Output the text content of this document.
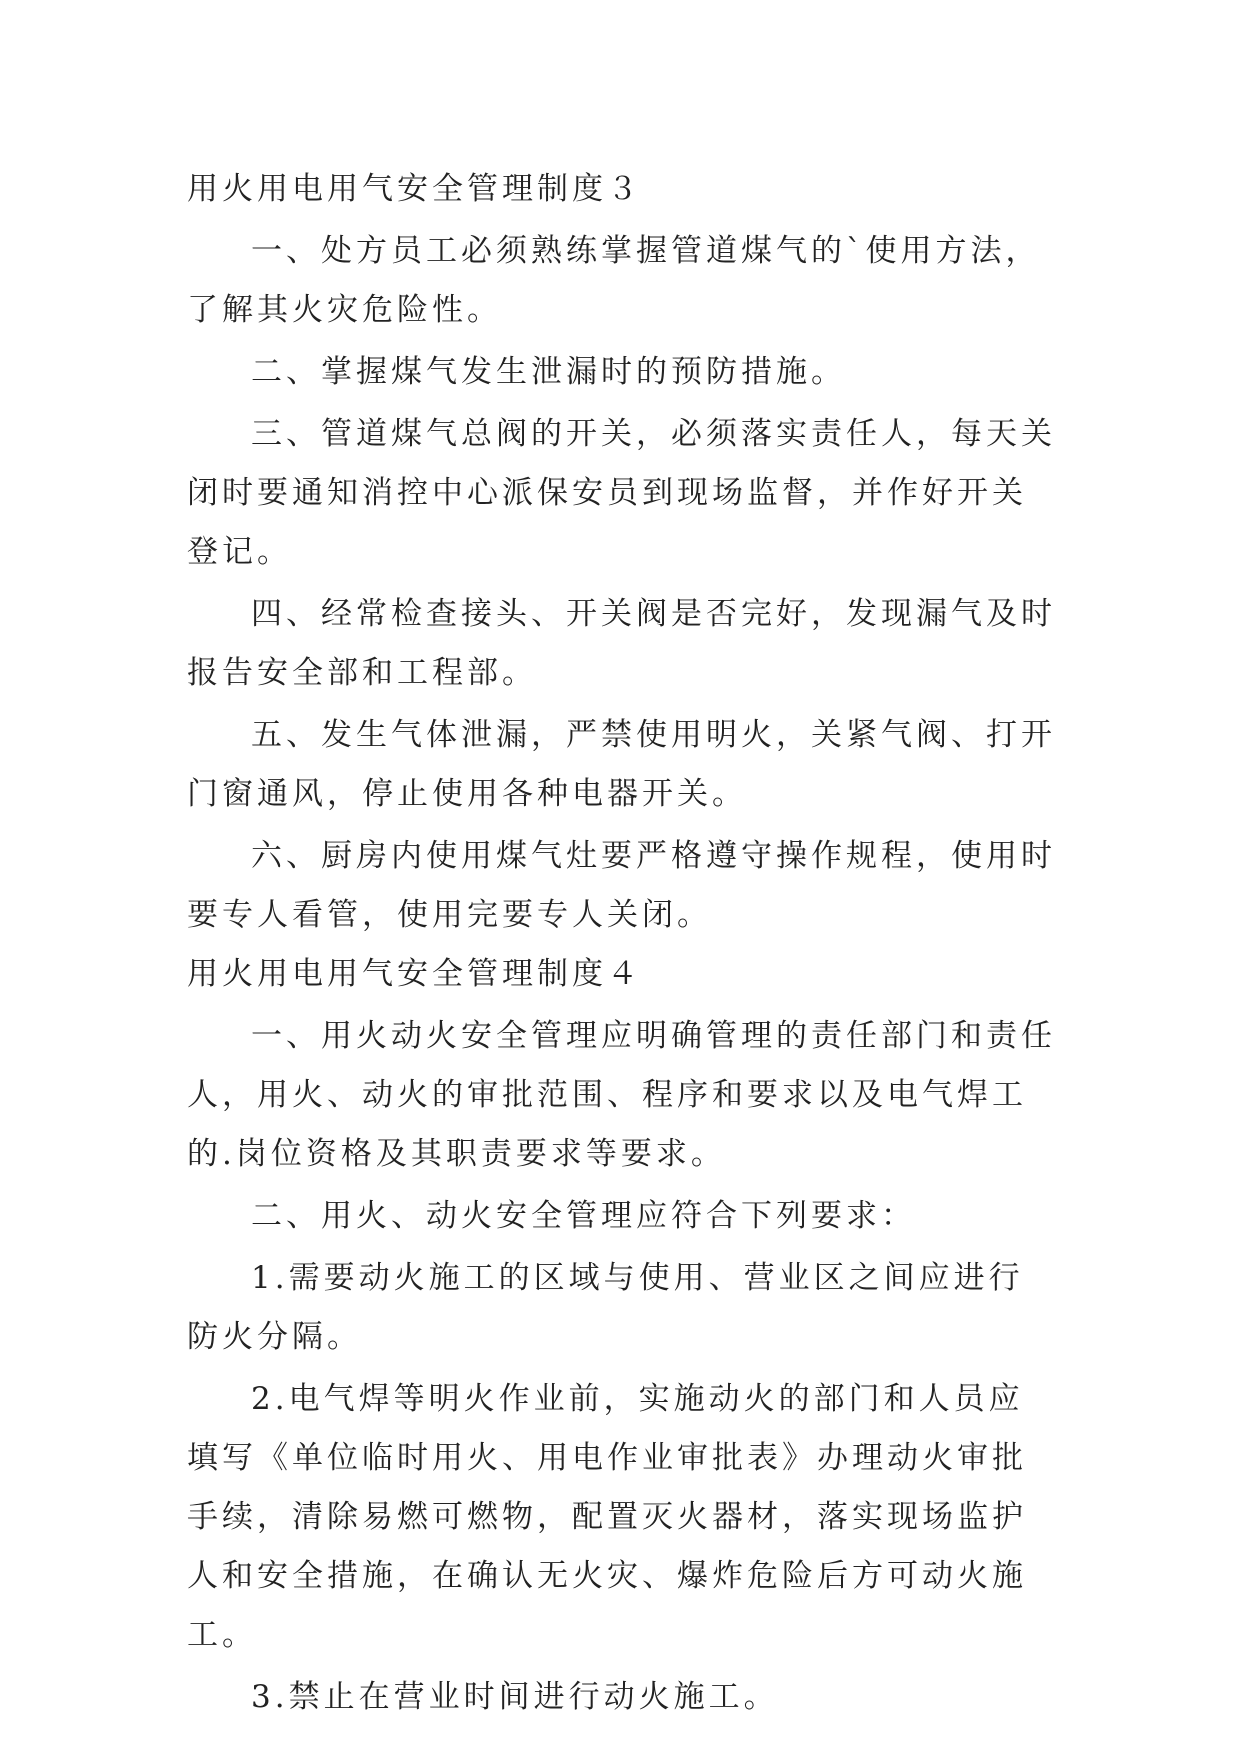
用火用电用气安全管理制度３

一、处方员工必须熟练掌握管道煤气的`使用方法，了解其火灾危险性。

二、掌握煤气发生泄漏时的预防措施。

三、管道煤气总阀的开关，必须落实责任人，每天关闭时要通知消控中心派保安员到现场监督，并作好开关登记。

四、经常检查接头、开关阀是否完好，发现漏气及时报告安全部和工程部。

五、发生气体泄漏，严禁使用明火，关紧气阀、打开门窗通风，停止使用各种电器开关。

六、厨房内使用煤气灶要严格遵守操作规程，使用时要专人看管，使用完要专人关闭。

用火用电用气安全管理制度４

一、用火动火安全管理应明确管理的责任部门和责任人，用火、动火的审批范围、程序和要求以及电气焊工的.岗位资格及其职责要求等要求。

二、用火、动火安全管理应符合下列要求：

1.需要动火施工的区域与使用、营业区之间应进行防火分隔。

2.电气焊等明火作业前，实施动火的部门和人员应填写《单位临时用火、用电作业审批表》办理动火审批手续，清除易燃可燃物，配置灭火器材，落实现场监护人和安全措施，在确认无火灾、爆炸危险后方可动火施工。

3.禁止在营业时间进行动火施工。
